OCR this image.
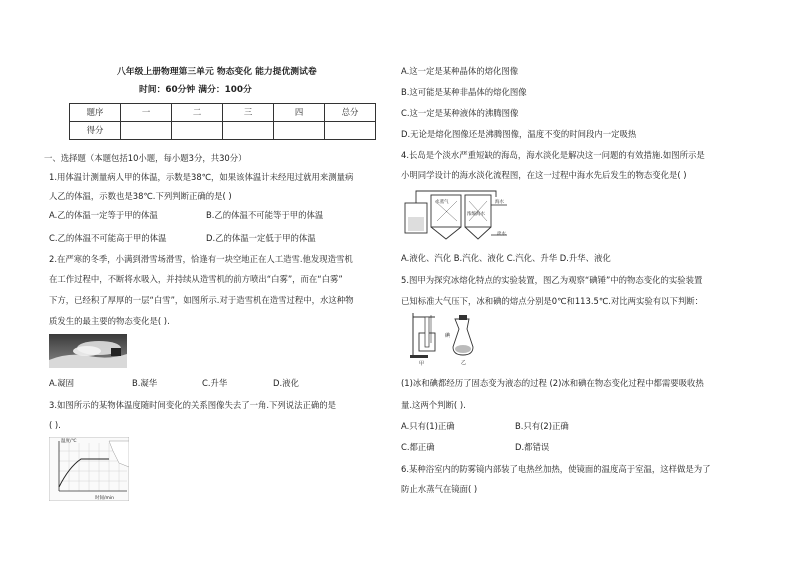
八年级上册物理第三单元 物态变化 能力提优测试卷
时间：60分钟 满分：100分
题序	一	二	三	四	总分
得分					
一、选择题（本题包括10小题，每小题3分，共30分）
1.用体温计测量病人甲的体温，示数是38℃，如果该体温计未经甩过就用来测量病
人乙的体温，示数也是38℃.下列判断正确的是( )
A.乙的体温一定等于甲的体温	B.乙的体温不可能等于甲的体温
C.乙的体温不可能高于甲的体温	D.乙的体温一定低于甲的体温
2.在严寒的冬季，小满到滑雪场滑雪，恰逢有一块空地正在人工造雪.他发现造雪机
在工作过程中，不断将水吸入，并持续从造雪机的前方喷出“白雾”，而在“白雾”
下方，已经积了厚厚的一层“白雪”，如图所示.对于造雪机在造雪过程中，水这种物
质发生的最主要的物态变化是( ).
A.凝固	B.凝华	C.升华	D.液化
3.如图所示的某物体温度随时间变化的关系图像失去了一角.下列说法正确的是
( ).
温度/℃
时间/min
A.这一定是某种晶体的熔化图像
B.这可能是某种非晶体的熔化图像
C.这一定是某种液体的沸腾图像
D.无论是熔化图像还是沸腾图像，温度不变的时间段内一定吸热
4.长岛是个淡水严重短缺的海岛，海水淡化是解决这一问题的有效措施.如图所示是
小明同学设计的海水淡化流程图，在这一过程中海水先后发生的物态变化是( )
水蒸气	海水
浓缩海水
淡水
A.液化、汽化 B.汽化、液化 C.汽化、升华 D.升华、液化
5.图甲为探究冰熔化特点的实验装置，图乙为观察“碘锤”中的物态变化的实验装置
已知标准大气压下，冰和碘的熔点分别是0℃和113.5℃.对比两实验有以下判断：
甲	乙
碘
(1)冰和碘都经历了固态变为液态的过程 (2)冰和碘在物态变化过程中都需要吸收热
量.这两个判断( ).
A.只有(1)正确	B.只有(2)正确
C.都正确	D.都错误
6.某种浴室内的防雾镜内部装了电热丝加热，使镜面的温度高于室温，这样做是为了
防止水蒸气在镜面( )
